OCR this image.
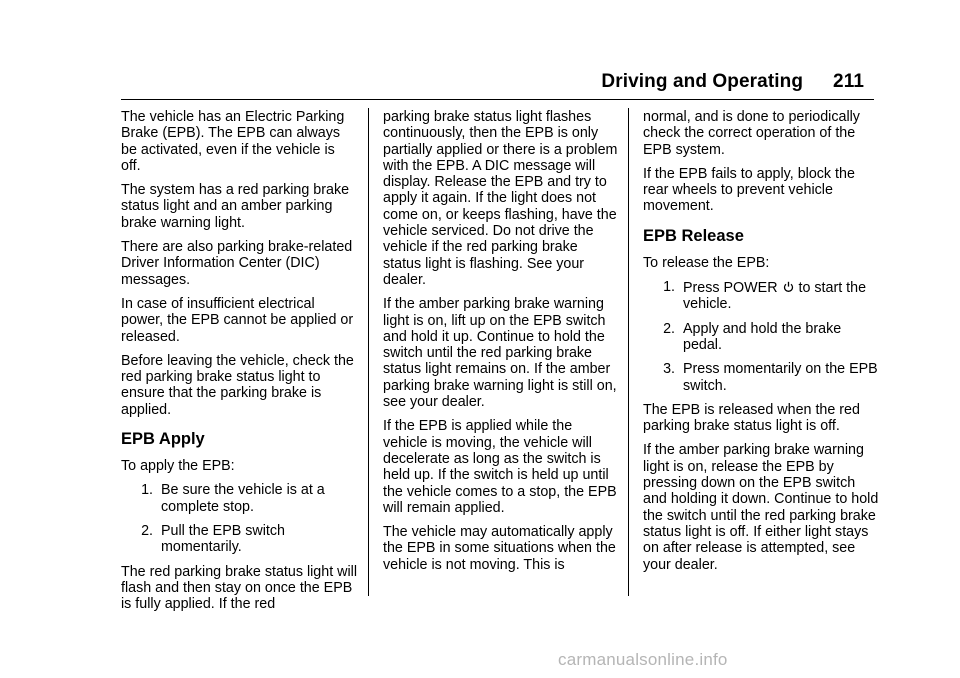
Driving and Operating 211

The vehicle has an Electric Parking Brake (EPB). The EPB can always be activated, even if the vehicle is off.

The system has a red parking brake status light and an amber parking brake warning light.

There are also parking brake-related Driver Information Center (DIC) messages.

In case of insufficient electrical power, the EPB cannot be applied or released.

Before leaving the vehicle, check the red parking brake status light to ensure that the parking brake is applied.

EPB Apply

To apply the EPB:

1. Be sure the vehicle is at a complete stop.
2. Pull the EPB switch momentarily.

The red parking brake status light will flash and then stay on once the EPB is fully applied. If the red

parking brake status light flashes continuously, then the EPB is only partially applied or there is a problem with the EPB. A DIC message will display. Release the EPB and try to apply it again. If the light does not come on, or keeps flashing, have the vehicle serviced. Do not drive the vehicle if the red parking brake status light is flashing. See your dealer.

If the amber parking brake warning light is on, lift up on the EPB switch and hold it up. Continue to hold the switch until the red parking brake status light remains on. If the amber parking brake warning light is still on, see your dealer.

If the EPB is applied while the vehicle is moving, the vehicle will decelerate as long as the switch is held up. If the switch is held up until the vehicle comes to a stop, the EPB will remain applied.

The vehicle may automatically apply the EPB in some situations when the vehicle is not moving. This is

normal, and is done to periodically check the correct operation of the EPB system.

If the EPB fails to apply, block the rear wheels to prevent vehicle movement.

EPB Release

To release the EPB:

1. Press POWER to start the vehicle.
2. Apply and hold the brake pedal.
3. Press momentarily on the EPB switch.

The EPB is released when the red parking brake status light is off.

If the amber parking brake warning light is on, release the EPB by pressing down on the EPB switch and holding it down. Continue to hold the switch until the red parking brake status light is off. If either light stays on after release is attempted, see your dealer.

carmanualsonline.info
